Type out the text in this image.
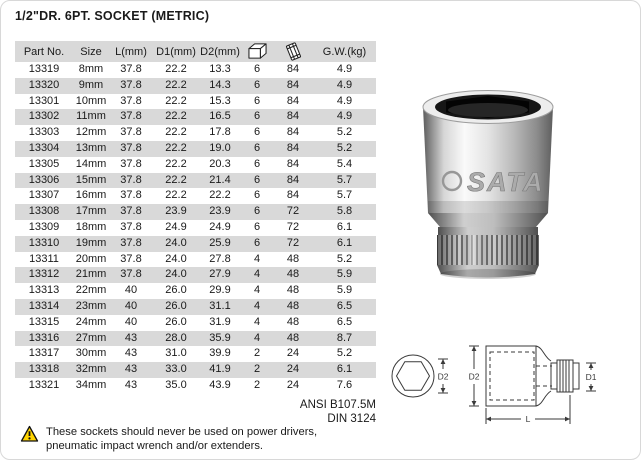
1/2"DR. 6PT. SOCKET (METRIC)
Part No.	Size	L(mm)	D1(mm)	D2(mm)			G.W.(kg)
13319	8mm	37.8	22.2	13.3	6	84	4.9
13320	9mm	37.8	22.2	14.3	6	84	4.9
13301	10mm	37.8	22.2	15.3	6	84	4.9
13302	11mm	37.8	22.2	16.5	6	84	4.9
13303	12mm	37.8	22.2	17.8	6	84	5.2
13304	13mm	37.8	22.2	19.0	6	84	5.2
13305	14mm	37.8	22.2	20.3	6	84	5.4
13306	15mm	37.8	22.2	21.4	6	84	5.7
13307	16mm	37.8	22.2	22.2	6	84	5.7
13308	17mm	37.8	23.9	23.9	6	72	5.8
13309	18mm	37.8	24.9	24.9	6	72	6.1
13310	19mm	37.8	24.0	25.9	6	72	6.1
13311	20mm	37.8	24.0	27.8	4	48	5.2
13312	21mm	37.8	24.0	27.9	4	48	5.9
13313	22mm	40	26.0	29.9	4	48	5.9
13314	23mm	40	26.0	31.1	4	48	6.5
13315	24mm	40	26.0	31.9	4	48	6.5
13316	27mm	43	28.0	35.9	4	48	8.7
13317	30mm	43	31.0	39.9	2	24	5.2
13318	32mm	43	33.0	41.9	2	24	6.1
13321	34mm	43	35.0	43.9	2	24	7.6
SATA
D2 D2	D1
L
ANSI B107.5M
DIN 3124
These sockets should never be used on power drivers,
pneumatic impact wrench and/or extenders.
